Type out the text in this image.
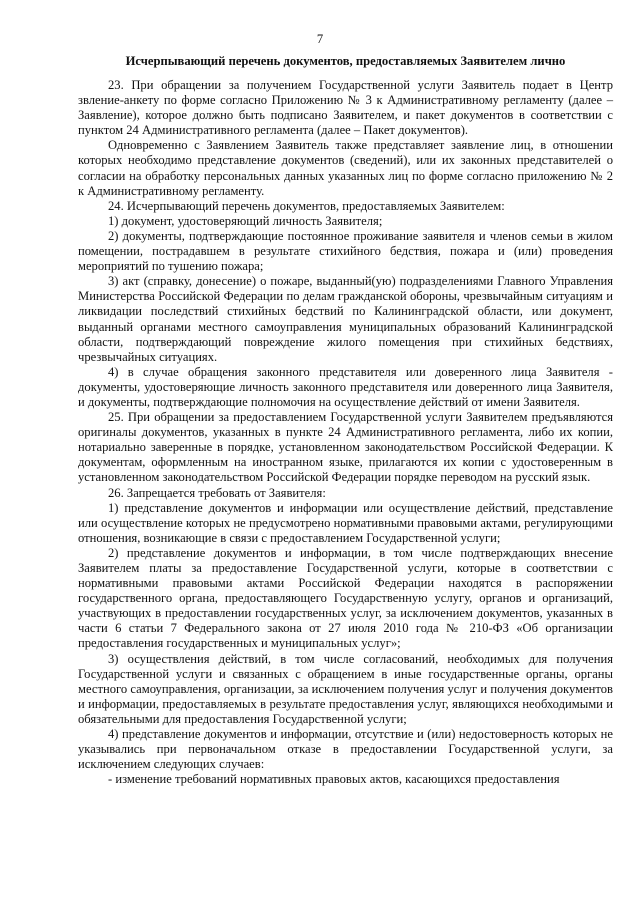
7
Исчерпывающий перечень документов, предоставляемых Заявителем лично

23. При обращении за получением Государственной услуги Заявитель подает в Центр звление-анкету по форме согласно Приложению № 3 к Административному регламенту (далее – Заявление), которое должно быть подписано Заявителем, и пакет документов в соответствии с пунктом 24 Административного регламента (далее – Пакет документов).

Одновременно с Заявлением Заявитель также представляет заявление лиц, в отношении которых необходимо представление документов (сведений), или их законных представителей о согласии на обработку персональных данных указанных лиц по форме согласно приложению № 2 к Административному регламенту.

24. Исчерпывающий перечень документов, предоставляемых Заявителем:

1) документ, удостоверяющий личность Заявителя;

2) документы, подтверждающие постоянное проживание заявителя и членов семьи в жилом помещении, пострадавшем в результате стихийного бедствия, пожара и (или) проведения мероприятий по тушению пожара;

3) акт (справку, донесение) о пожаре, выданный(ую) подразделениями Главного Управления Министерства Российской Федерации по делам гражданской обороны, чрезвычайным ситуациям и ликвидации последствий стихийных бедствий по Калининградской области, или документ, выданный органами местного самоуправления муниципальных образований Калининградской области, подтверждающий повреждение жилого помещения при стихийных бедствиях, чрезвычайных ситуациях.

4) в случае обращения законного представителя или доверенного лица Заявителя - документы, удостоверяющие личность законного представителя или доверенного лица Заявителя, и документы, подтверждающие полномочия на осуществление действий от имени Заявителя.

25. При обращении за предоставлением Государственной услуги Заявителем предъявляются оригиналы документов, указанных в пункте 24 Административного регламента, либо их копии, нотариально заверенные в порядке, установленном законодательством Российской Федерации. К документам, оформленным на иностранном языке, прилагаются их копии с удостоверенным в установленном законодательством Российской Федерации порядке переводом на русский язык.

26. Запрещается требовать от Заявителя:

1) представление документов и информации или осуществление действий, представление или осуществление которых не предусмотрено нормативными правовыми актами, регулирующими отношения, возникающие в связи с предоставлением Государственной услуги;

2) представление документов и информации, в том числе подтверждающих внесение Заявителем платы за предоставление Государственной услуги, которые в соответствии с нормативными правовыми актами Российской Федерации находятся в распоряжении государственного органа, предоставляющего Государственную услугу, органов и организаций, участвующих в предоставлении государственных услуг, за исключением документов, указанных в части 6 статьи 7 Федерального закона от 27 июля 2010 года № 210-ФЗ «Об организации предоставления государственных и муниципальных услуг»;

3) осуществления действий, в том числе согласований, необходимых для получения Государственной услуги и связанных с обращением в иные государственные органы, органы местного самоуправления, организации, за исключением получения услуг и получения документов и информации, предоставляемых в результате предоставления услуг, являющихся необходимыми и обязательными для предоставления Государственной услуги;

4) представление документов и информации, отсутствие и (или) недостоверность которых не указывались при первоначальном отказе в предоставлении Государственной услуги, за исключением следующих случаев:

- изменение требований нормативных правовых актов, касающихся предоставления
